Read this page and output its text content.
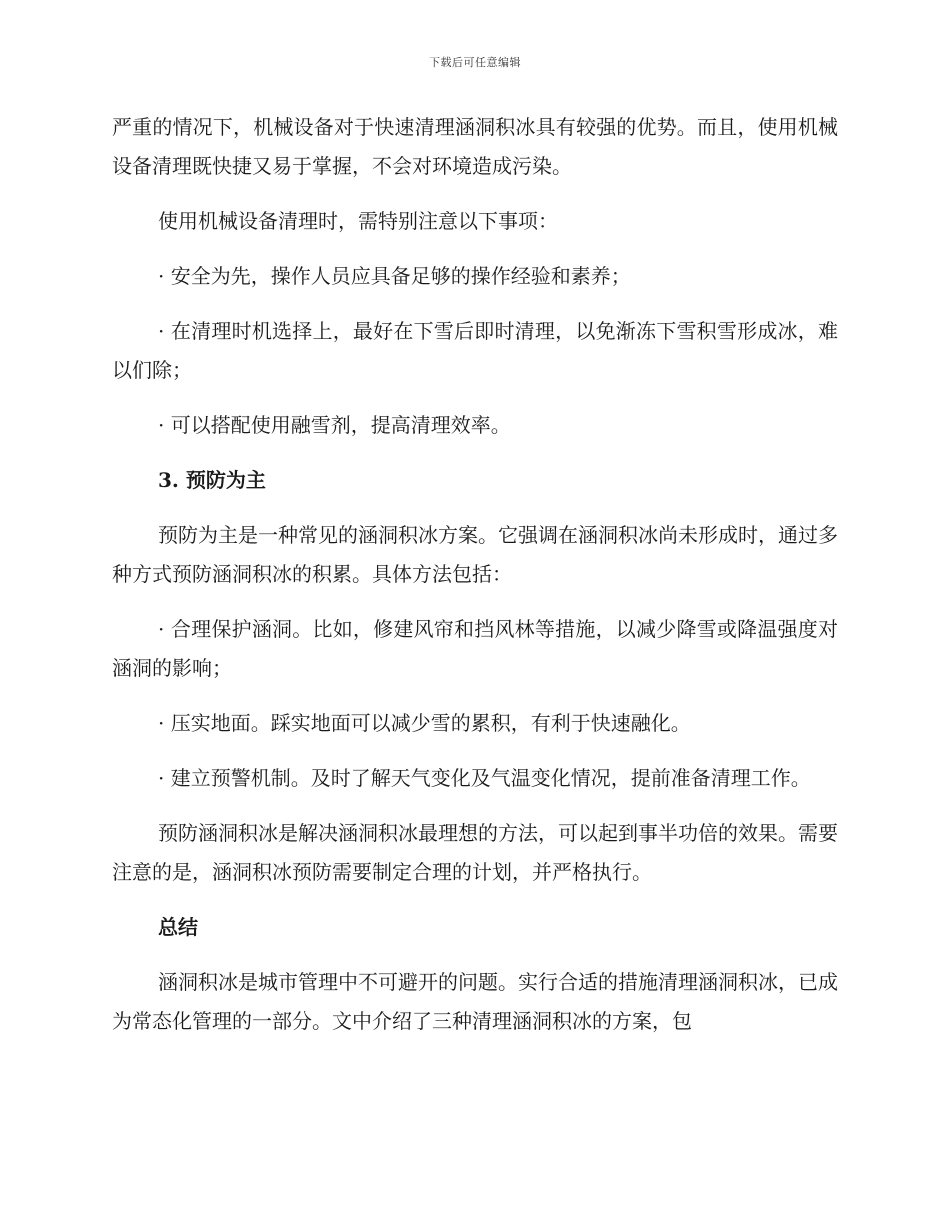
下载后可任意编辑

严重的情况下，机械设备对于快速清理涵洞积冰具有较强的优势。而且，使用机械设备清理既快捷又易于掌握，不会对环境造成污染。

使用机械设备清理时，需特别注意以下事项：

· 安全为先，操作人员应具备足够的操作经验和素养；

· 在清理时机选择上，最好在下雪后即时清理，以免渐冻下雪积雪形成冰，难以们除；

· 可以搭配使用融雪剂，提高清理效率。

3. 预防为主

预防为主是一种常见的涵洞积冰方案。它强调在涵洞积冰尚未形成时，通过多种方式预防涵洞积冰的积累。具体方法包括：

· 合理保护涵洞。比如，修建风帘和挡风林等措施，以减少降雪或降温强度对涵洞的影响；

· 压实地面。踩实地面可以减少雪的累积，有利于快速融化。

· 建立预警机制。及时了解天气变化及气温变化情况，提前准备清理工作。

预防涵洞积冰是解决涵洞积冰最理想的方法，可以起到事半功倍的效果。需要注意的是，涵洞积冰预防需要制定合理的计划，并严格执行。

总结

涵洞积冰是城市管理中不可避开的问题。实行合适的措施清理涵洞积冰，已成为常态化管理的一部分。文中介绍了三种清理涵洞积冰的方案，包
